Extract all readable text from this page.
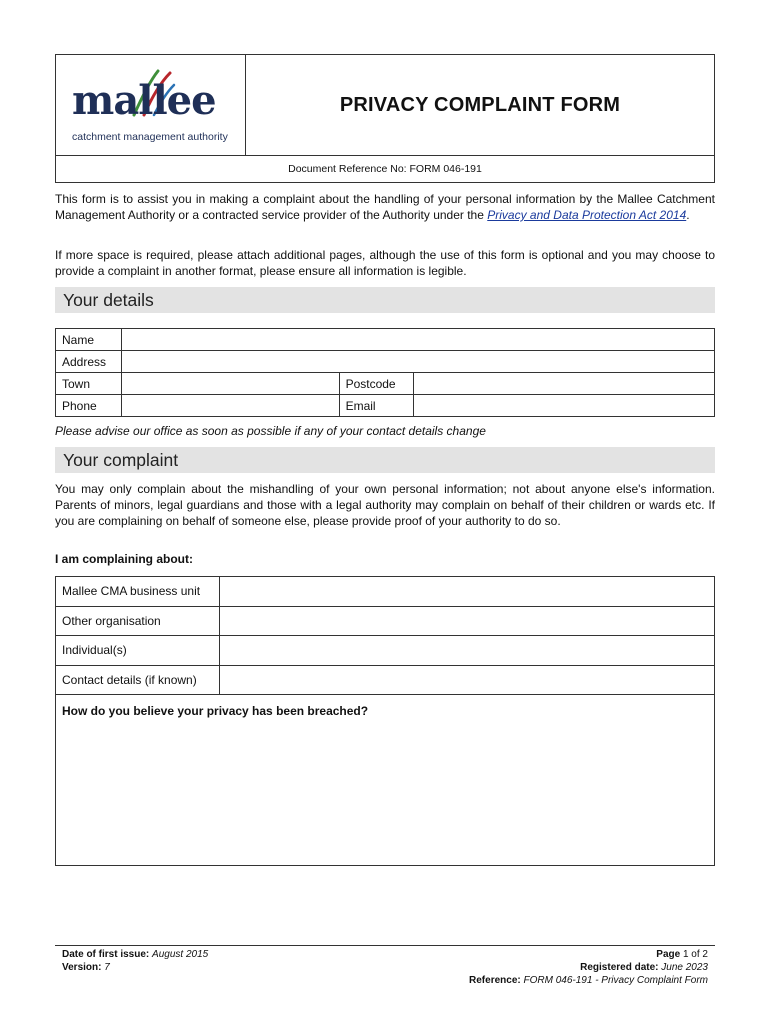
mallee
catchment management authority
PRIVACY COMPLAINT FORM
Document Reference No: FORM 046-191

This form is to assist you in making a complaint about the handling of your personal information by the Mallee Catchment Management Authority or a contracted service provider of the Authority under the Privacy and Data Protection Act 2014.

If more space is required, please attach additional pages, although the use of this form is optional and you may choose to provide a complaint in another format, please ensure all information is legible.

Your details
Name			
Address			
Town		Postcode	
Phone		Email	
Please advise our office as soon as possible if any of your contact details change
Your complaint

You may only complain about the mishandling of your own personal information; not about anyone else's information. Parents of minors, legal guardians and those with a legal authority may complain on behalf of their children or wards etc. If you are complaining on behalf of someone else, please provide proof of your authority to do so.

I am complaining about:
Mallee CMA business unit	
Other organisation	
Individual(s)	
Contact details (if known)	
How do you believe your privacy has been breached?
Date of first issue: August 2015
Version: 7
Page 1 of 2
Registered date: June 2023
Reference: FORM 046-191 - Privacy Complaint Form
